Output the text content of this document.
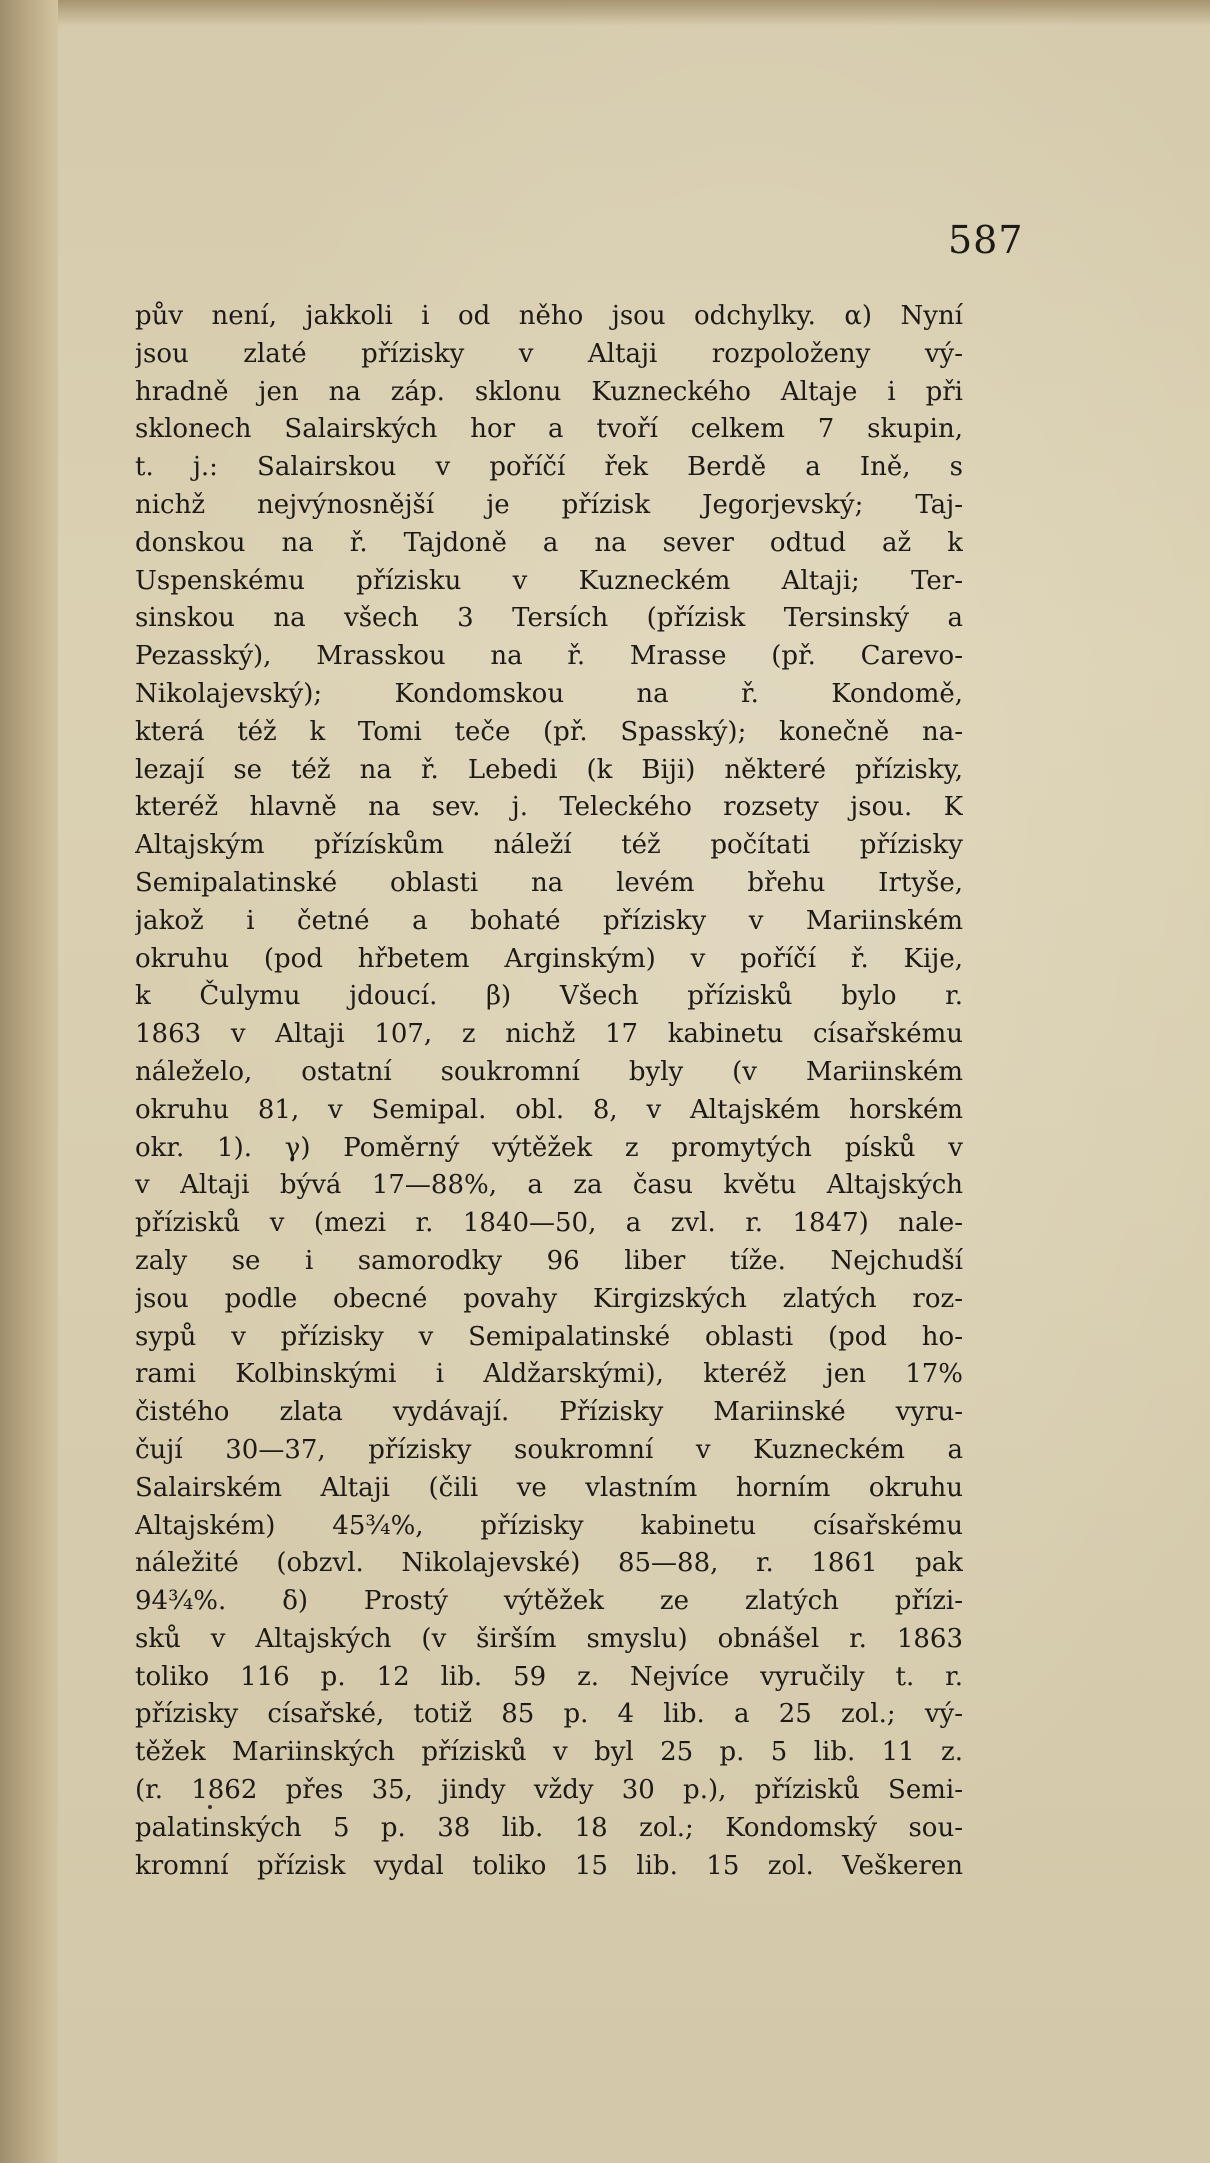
587

pův není, jakkoli i od něho jsou odchylky. α) Nyní
jsou zlaté přízisky v Altaji rozpoloženy vý-
hradně jen na záp. sklonu Kuzneckého Altaje i při
sklonech Salairských hor a tvoří celkem 7 skupin,
t. j.: Salairskou v poříčí řek Berdě a Ině, s
nichž nejvýnosnější je přízisk Jegorjevský; Taj-
donskou na ř. Tajdoně a na sever odtud až k
Uspenskému přízisku v Kuzneckém Altaji; Ter-
sinskou na všech 3 Tersích (přízisk Tersinský a
Pezasský), Mrasskou na ř. Mrasse (př. Carevo-
Nikolajevský); Kondomskou na ř. Kondomě,
která též k Tomi teče (př. Spasský); konečně na-
lezají se též na ř. Lebedi (k Biji) některé přízisky,
kteréž hlavně na sev. j. Teleckého rozsety jsou. K
Altajským přízískům náleží též počítati přízisky
Semipalatinské oblasti na levém břehu Irtyše,
jakož i četné a bohaté přízisky v Mariinském
okruhu (pod hřbetem Arginským) v poříčí ř. Kije,
k Čulymu jdoucí. β) Všech přízisků bylo r.
1863 v Altaji 107, z nichž 17 kabinetu císařskému
náleželo, ostatní soukromní byly (v Mariinském
okruhu 81, v Semipal. obl. 8, v Altajském horském
okr. 1). γ) Poměrný výtěžek z promytých písků v
v Altaji bývá 17—88%, a za času květu Altajských
přízisků v (mezi r. 1840—50, a zvl. r. 1847) nale-
zaly se i samorodky 96 liber tíže. Nejchudší
jsou podle obecné povahy Kirgizských zlatých roz-
sypů v přízisky v Semipalatinské oblasti (pod ho-
rami Kolbinskými i Aldžarskými), kteréž jen 17%
čistého zlata vydávají. Přízisky Mariinské vyru-
čují 30—37, přízisky soukromní v Kuzneckém a
Salairském Altaji (čili ve vlastním horním okruhu
Altajském) 45¾%, přízisky kabinetu císařskému
náležité (obzvl. Nikolajevské) 85—88, r. 1861 pak
94¾%. δ) Prostý výtěžek ze zlatých přízi-
sků v Altajských (v širším smyslu) obnášel r. 1863
toliko 116 p. 12 lib. 59 z. Nejvíce vyručily t. r.
přízisky císařské, totiž 85 p. 4 lib. a 25 zol.; vý-
těžek Mariinských přízisků v byl 25 p. 5 lib. 11 z.
(r. 1862 přes 35, jindy vždy 30 p.), přízisků Semi-
palatinských 5 p. 38 lib. 18 zol.; Kondomský sou-
kromní přízisk vydal toliko 15 lib. 15 zol. Veškeren
